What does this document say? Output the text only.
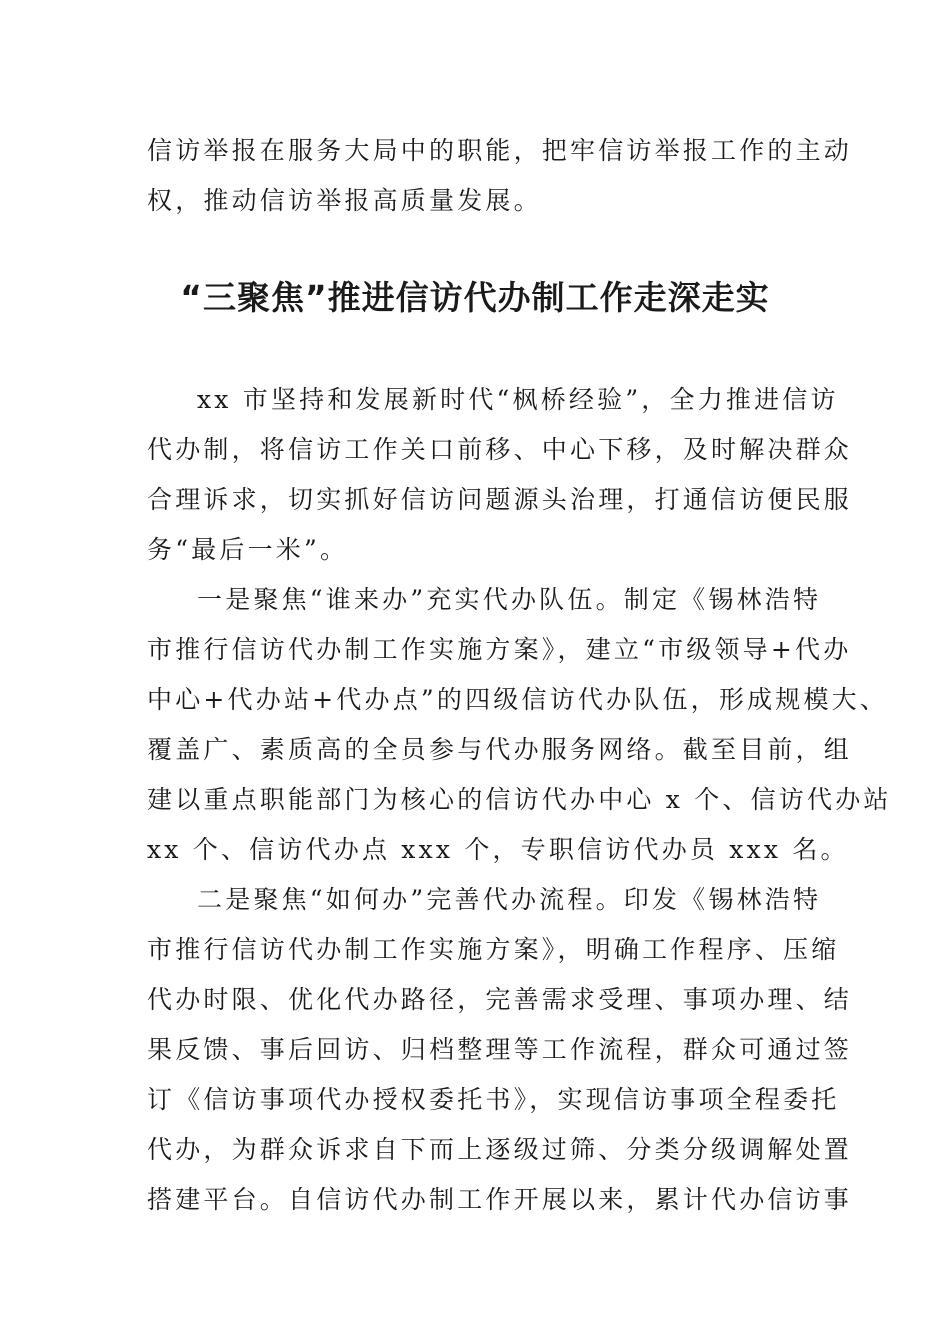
信访举报在服务大局中的职能，把牢信访举报工作的主动
权，推动信访举报高质量发展。
“三聚焦”推进信访代办制工作走深走实
xx 市坚持和发展新时代“枫桥经验”，全力推进信访
代办制，将信访工作关口前移、中心下移，及时解决群众
合理诉求，切实抓好信访问题源头治理，打通信访便民服
务“最后一米”。
一是聚焦“谁来办”充实代办队伍。制定《锡林浩特
市推行信访代办制工作实施方案》，建立“市级领导+代办
中心+代办站+代办点”的四级信访代办队伍，形成规模大、
覆盖广、素质高的全员参与代办服务网络。截至目前，组
建以重点职能部门为核心的信访代办中心 x 个、信访代办站
xx 个、信访代办点 xxx 个，专职信访代办员 xxx 名。
二是聚焦“如何办”完善代办流程。印发《锡林浩特
市推行信访代办制工作实施方案》，明确工作程序、压缩
代办时限、优化代办路径，完善需求受理、事项办理、结
果反馈、事后回访、归档整理等工作流程，群众可通过签
订《信访事项代办授权委托书》，实现信访事项全程委托
代办，为群众诉求自下而上逐级过筛、分类分级调解处置
搭建平台。自信访代办制工作开展以来，累计代办信访事
